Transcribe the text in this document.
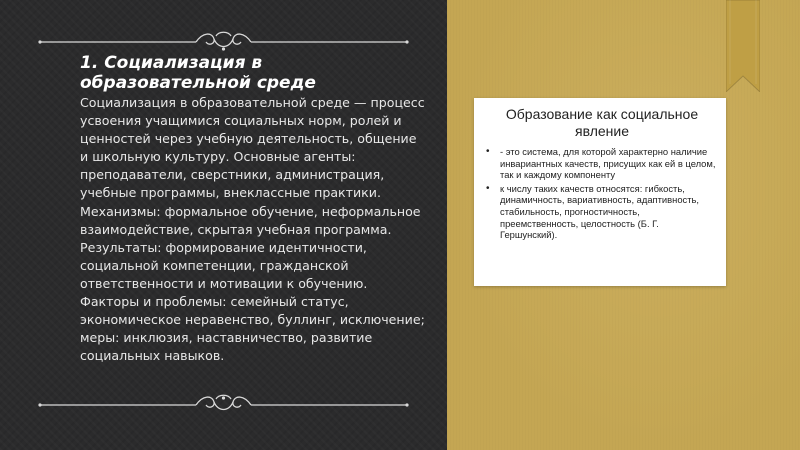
1. Социализация в
образовательной среде

Социализация в образовательной среде — процесс усвоения учащимися социальных норм, ролей и ценностей через учебную деятельность, общение и школьную культуру. Основные агенты: преподаватели, сверстники, администрация, учебные программы, внеклассные практики. Механизмы: формальное обучение, неформальное взаимодействие, скрытая учебная программа. Результаты: формирование идентичности, социальной компетенции, гражданской ответственности и мотивации к обучению. Факторы и проблемы: семейный статус, экономическое неравенство, буллинг, исключение; меры: инклюзия, наставничество, развитие социальных навыков.

Образование как социальное явление
• - это система, для которой характерно наличие инвариантных качеств, присущих как ей в целом, так и каждому компоненту
• к числу таких качеств относятся: гибкость, динамичность, вариативность, адаптивность, стабильность, прогностичность, преемственность, целостность (Б. Г. Гершунский).
